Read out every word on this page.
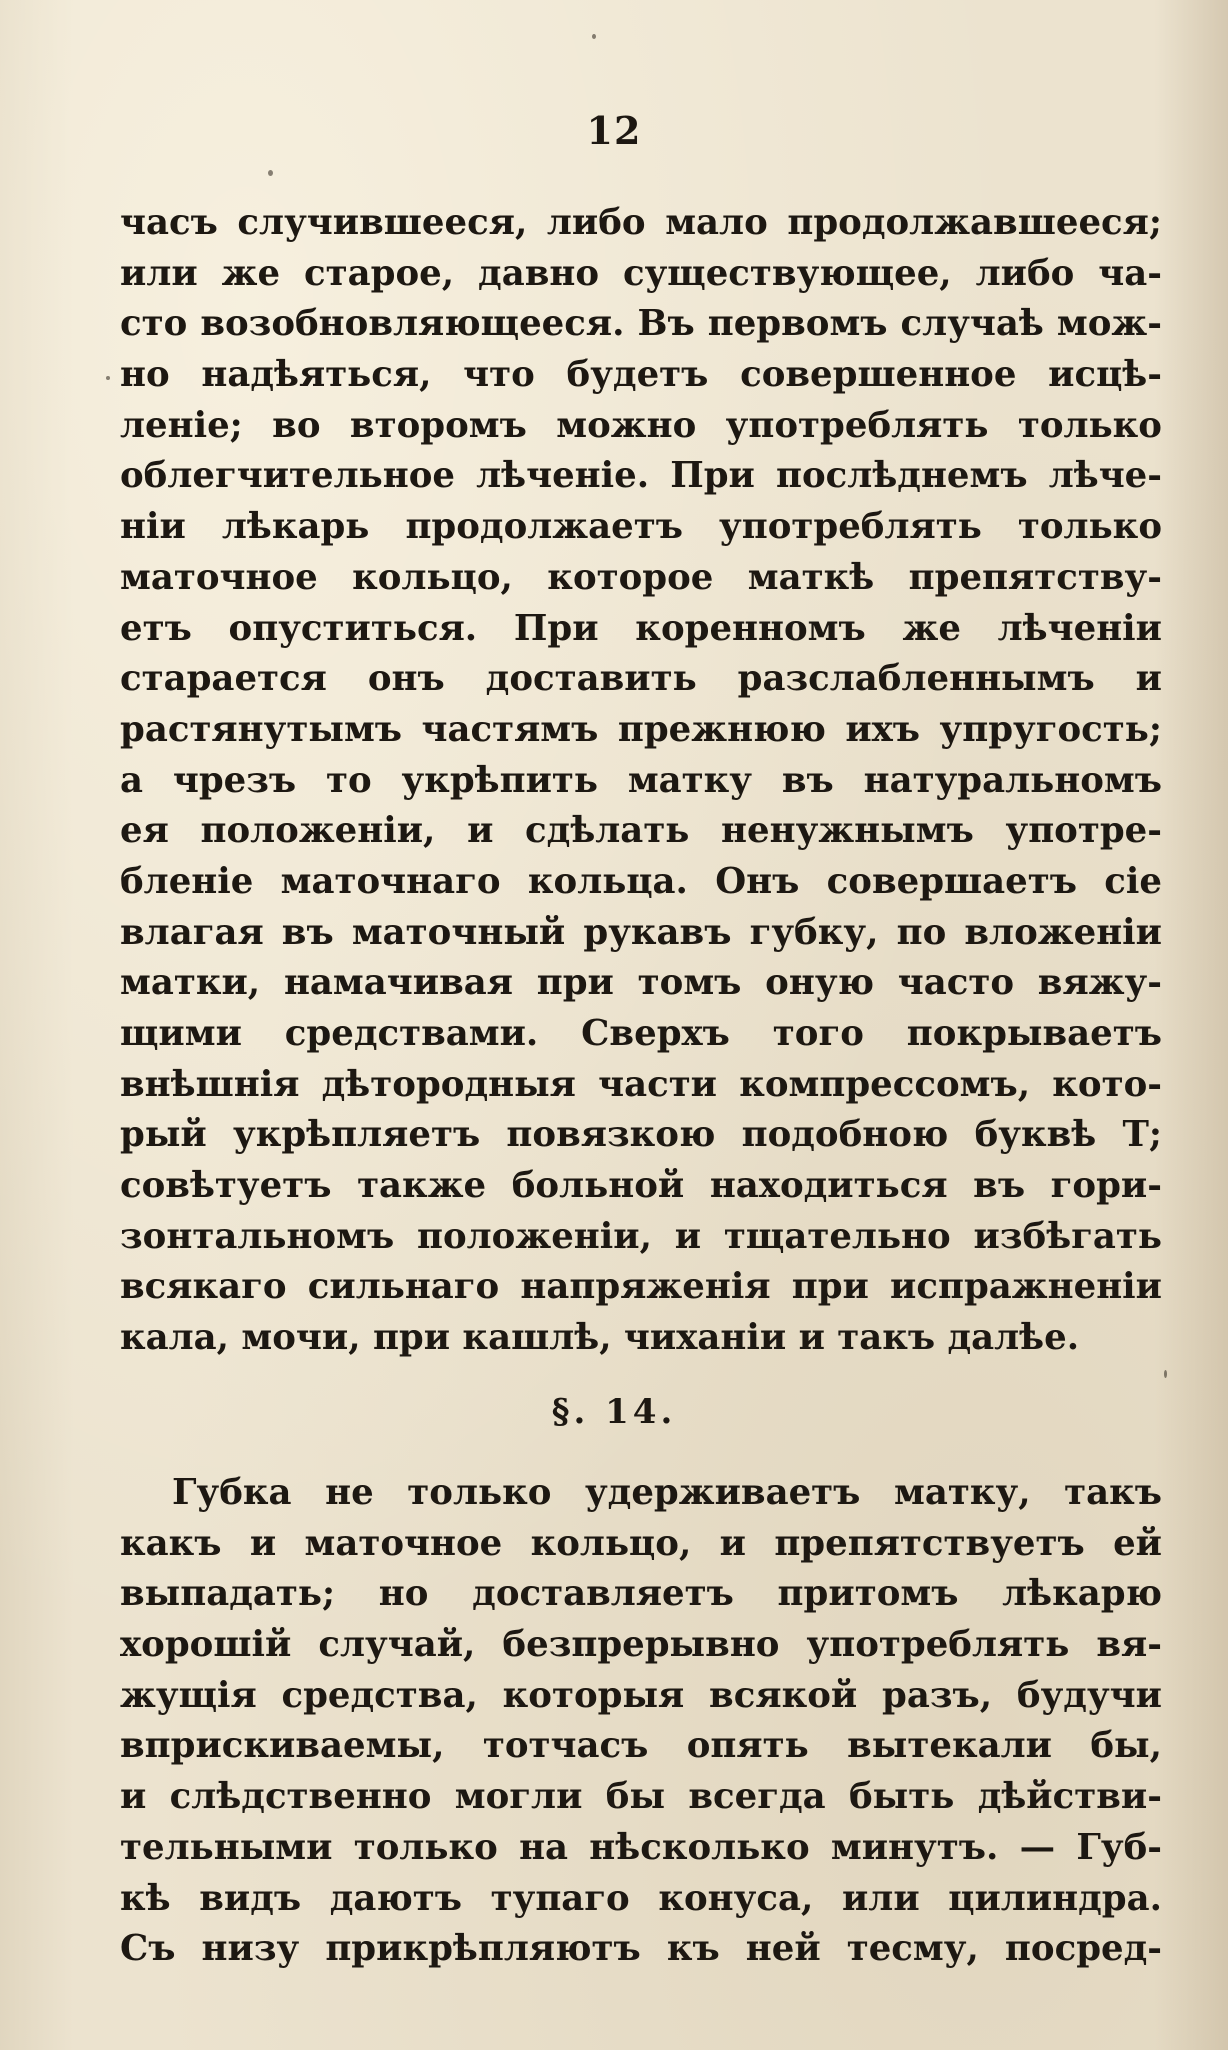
12
часъ случившееся, либо мало продолжавшееся;
или же старое, давно существующее, либо ча-
сто возобновляющееся. Въ первомъ случаѣ мож-
но надѣяться, что будетъ совершенное исцѣ-
леніе; во второмъ можно употреблять только
облегчительное лѣченіе. При послѣднемъ лѣче-
ніи лѣкарь продолжаетъ употреблять только
маточное кольцо, которое маткѣ препятству-
етъ опуститься. При коренномъ же лѣченіи
старается онъ доставить разслабленнымъ и
растянутымъ частямъ прежнюю ихъ упругость;
а чрезъ то укрѣпить матку въ натуральномъ
ея положеніи, и сдѣлать ненужнымъ употре-
бленіе маточнаго кольца. Онъ совершаетъ сіе
влагая въ маточный рукавъ губку, по вложеніи
матки, намачивая при томъ оную часто вяжу-
щими средствами. Сверхъ того покрываетъ
внѣшнія дѣтородныя части компрессомъ, кото-
рый укрѣпляетъ повязкою подобною буквѣ Т;
совѣтуетъ также больной находиться въ гори-
зонтальномъ положеніи, и тщательно избѣгать
всякаго сильнаго напряженія при испражненіи
кала, мочи, при кашлѣ, чиханіи и такъ далѣе.
§. 14.
Губка не только удерживаетъ матку, такъ
какъ и маточное кольцо, и препятствуетъ ей
выпадать; но доставляетъ притомъ лѣкарю
хорошій случай, безпрерывно употреблять вя-
жущія средства, которыя всякой разъ, будучи
вприскиваемы, тотчасъ опять вытекали бы,
и слѣдственно могли бы всегда быть дѣйстви-
тельными только на нѣсколько минутъ. — Губ-
кѣ видъ даютъ тупаго конуса, или цилиндра.
Съ низу прикрѣпляютъ къ ней тесму, посред-
